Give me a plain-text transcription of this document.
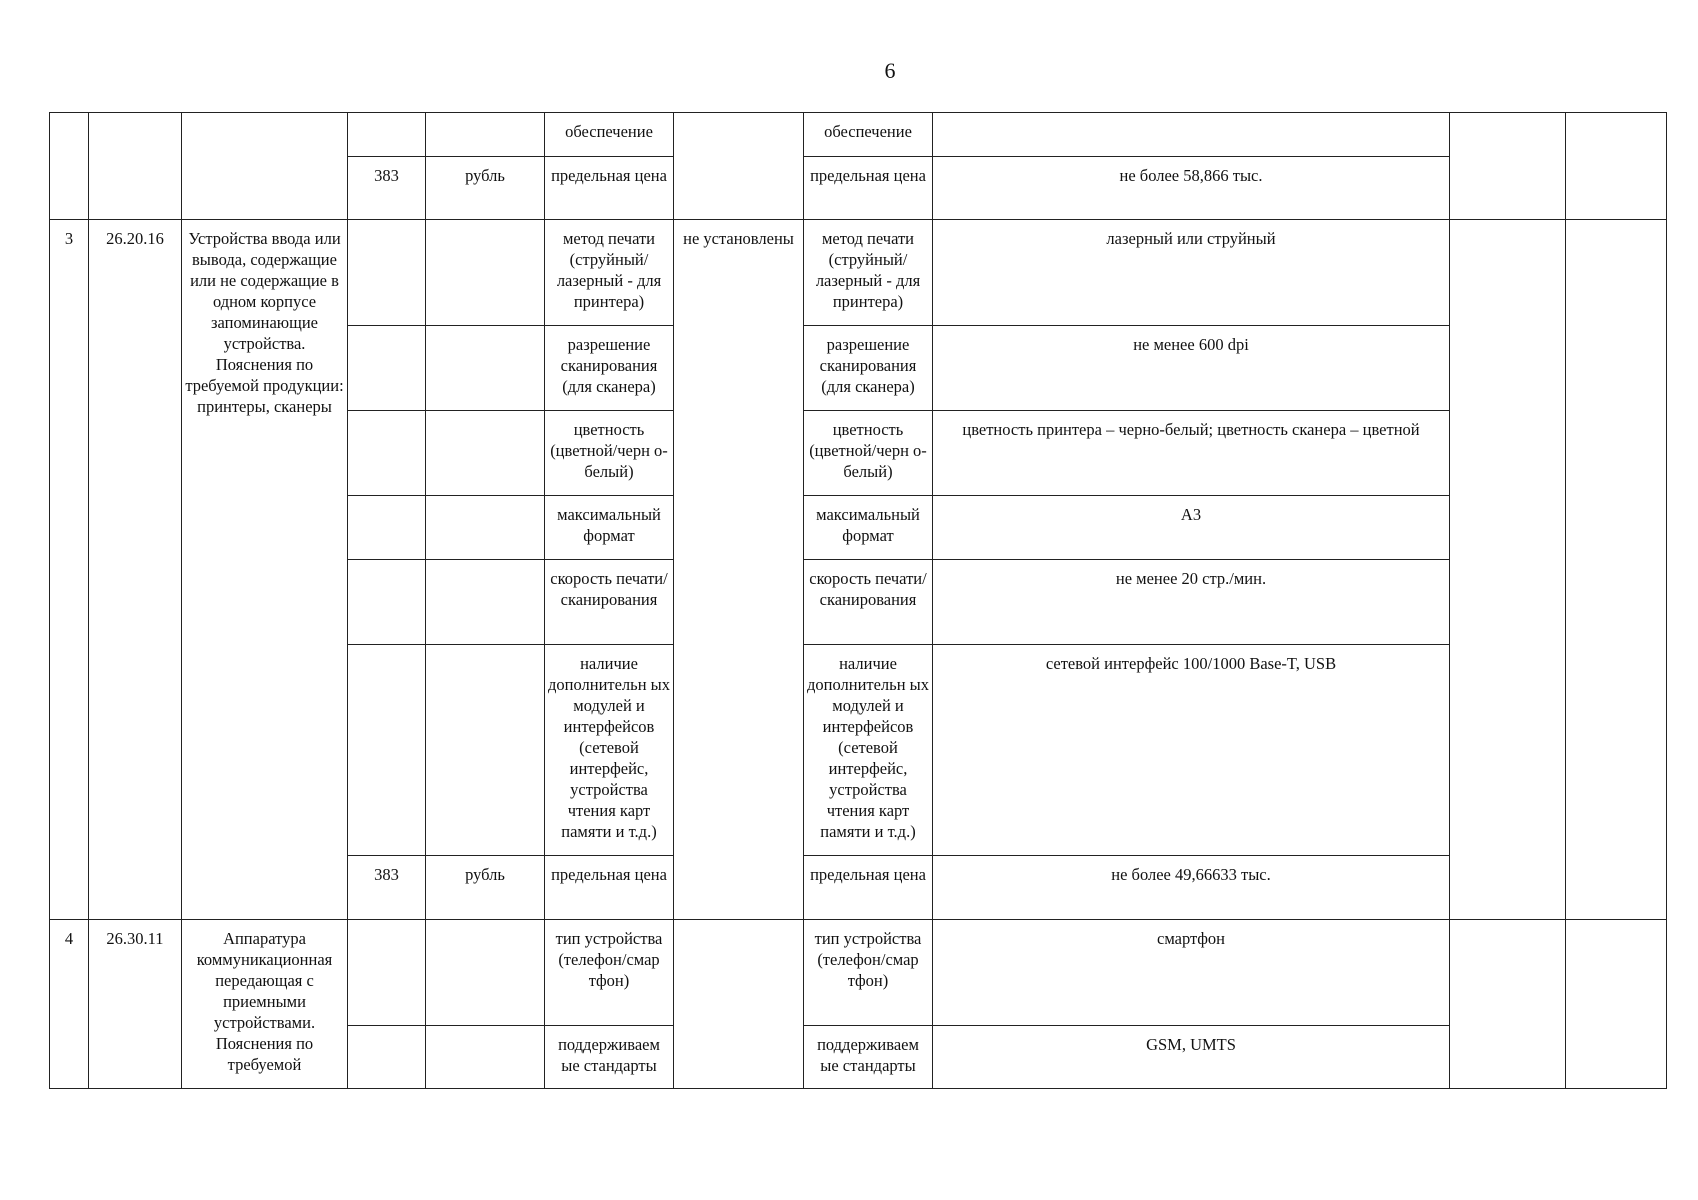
6
					обеспечение		обеспечение			
			383	рубль	предельная цена		предельная цена	не более 58,866 тыс.		
3	26.20.16	Устройства ввода или вывода, содержащие или не содержащие в одном корпусе запоминающие устройства. Пояснения по требуемой продукции: принтеры, сканеры			метод печати (струйный/ лазерный - для принтера)	не установлены	метод печати (струйный/ лазерный - для принтера)	лазерный или струйный		
					разрешение сканирования (для сканера)		разрешение сканирования (для сканера)	не менее 600 dpi		
					цветность (цветной/черн о-белый)		цветность (цветной/черн о-белый)	цветность принтера – черно-белый; цветность сканера – цветной		
					максимальный формат		максимальный формат	А3		
					скорость печати/ сканирования		скорость печати/ сканирования	не менее 20 стр./мин.		
					наличие дополнительн ых модулей и интерфейсов (сетевой интерфейс, устройства чтения карт памяти и т.д.)		наличие дополнительн ых модулей и интерфейсов (сетевой интерфейс, устройства чтения карт памяти и т.д.)	сетевой интерфейс 100/1000 Base-T, USB		
			383	рубль	предельная цена		предельная цена	не более 49,66633 тыс.		
4	26.30.11	Аппаратура коммуникационная передающая с приемными устройствами. Пояснения по требуемой			тип устройства (телефон/смар тфон)		тип устройства (телефон/смар тфон)	смартфон		
					поддерживаем ые стандарты		поддерживаем ые стандарты	GSM, UMTS		
